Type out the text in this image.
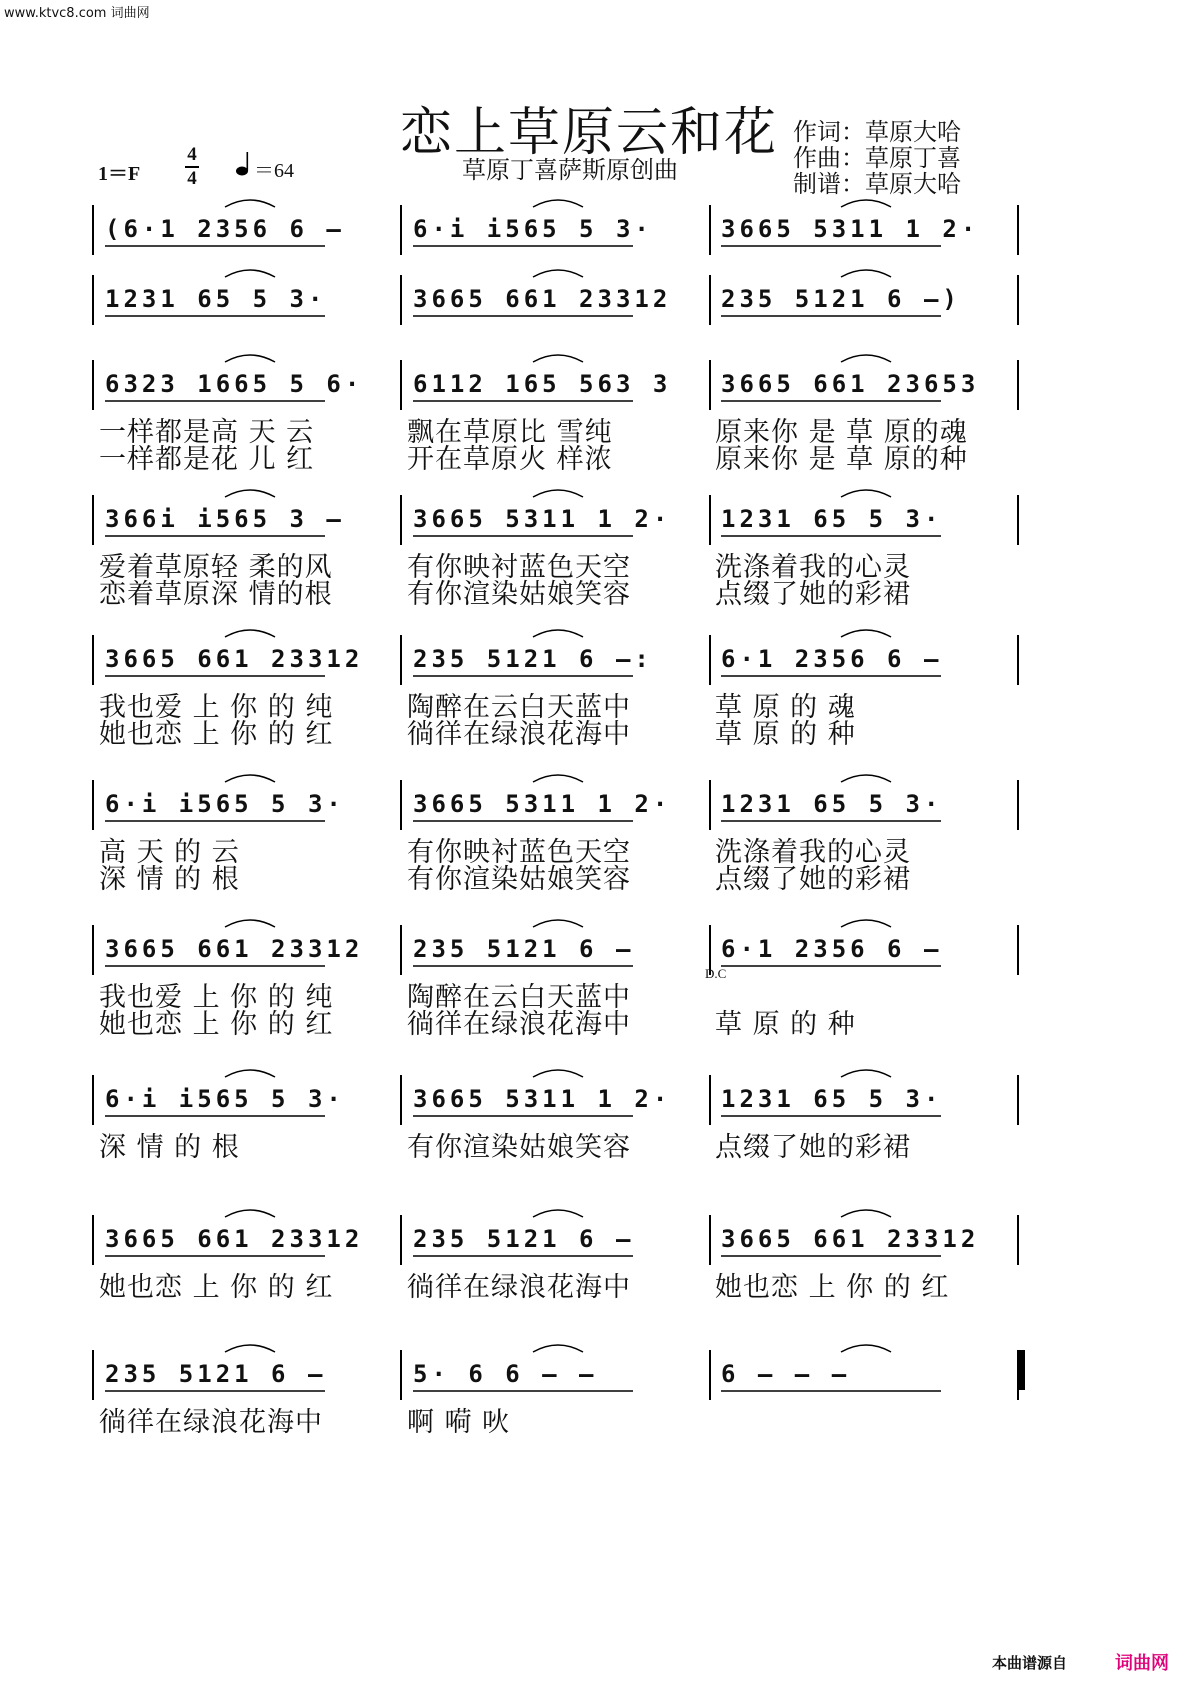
www.ktvc8.com 词曲网
恋上草原云和花
草原丁喜萨斯原创曲
作词：草原大哈
作曲：草原丁喜
制谱：草原大哈
1＝F
4
4	＝64
(6·1 2356 6 –	6·i i565 5 3·	3665 5311 1 2·
1231 65 5 3·	3665 661 23312 235 5121 6 –)
6323 1665 5 6·
一样都是高 天 云
一样都是花 儿 红
6112 165 563 3
飘在草原比 雪纯
开在草原火 样浓
3665 661 23653
原来你 是 草 原的魂
原来你 是 草 原的种
366i i565 3 –
爱着草原轻 柔的风
恋着草原深 情的根
3665 5311 1 2·
有你映衬蓝色天空
有你渲染姑娘笑容
1231 65 5 3·
洗涤着我的心灵
点缀了她的彩裙
3665 661 23312
我也爱 上 你 的 纯
她也恋 上 你 的 红
235 5121 6 –:
陶醉在云白天蓝中
徜徉在绿浪花海中
6·1 2356 6 –
草 原 的 魂
草 原 的 种
6·i i565 5 3·
高 天 的 云
深 情 的 根
3665 5311 1 2·
有你映衬蓝色天空
有你渲染姑娘笑容
1231 65 5 3·
洗涤着我的心灵
点缀了她的彩裙
3665 661 23312
我也爱 上 你 的 纯
她也恋 上 你 的 红
235 5121 6 –
陶醉在云白天蓝中
徜徉在绿浪花海中
6·1 2356 6 –
草 原 的 种
6·i i565 5 3·
深 情 的 根
3665 5311 1 2·
有你渲染姑娘笑容
1231 65 5 3·
点缀了她的彩裙
3665 661 23312
她也恋 上 你 的 红
235 5121 6 –
徜徉在绿浪花海中
3665 661 23312
她也恋 上 你 的 红
235 5121 6 –
徜徉在绿浪花海中
5· 6 6 – –
啊 嗬 吙
6 – – –
D.C
本曲谱源自	词曲网
